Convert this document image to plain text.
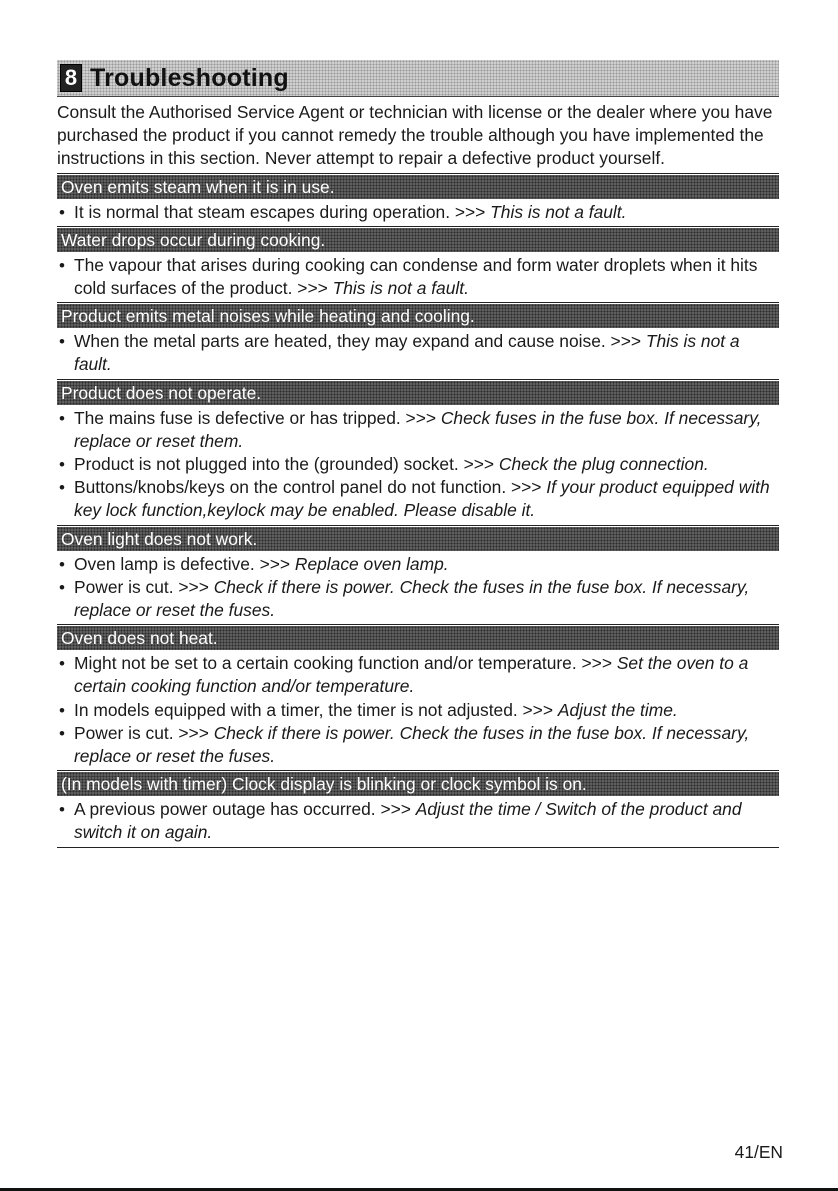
8 Troubleshooting

Consult the Authorised Service Agent or technician with license or the dealer where you have purchased the product if you cannot remedy the trouble although you have implemented the instructions in this section. Never attempt to repair a defective product yourself.

Oven emits steam when it is in use.
• It is normal that steam escapes during operation. >>> This is not a fault.
Water drops occur during cooking.
• The vapour that arises during cooking can condense and form water droplets when it hits cold surfaces of the product. >>> This is not a fault.
Product emits metal noises while heating and cooling.
• When the metal parts are heated, they may expand and cause noise. >>> This is not a fault.
Product does not operate.
• The mains fuse is defective or has tripped. >>> Check fuses in the fuse box. If necessary, replace or reset them.
• Product is not plugged into the (grounded) socket. >>> Check the plug connection.
• Buttons/knobs/keys on the control panel do not function. >>> If your product equipped with key lock function,keylock may be enabled. Please disable it.
Oven light does not work.
• Oven lamp is defective. >>> Replace oven lamp.
• Power is cut. >>> Check if there is power. Check the fuses in the fuse box. If necessary, replace or reset the fuses.
Oven does not heat.
• Might not be set to a certain cooking function and/or temperature. >>> Set the oven to a certain cooking function and/or temperature.
• In models equipped with a timer, the timer is not adjusted. >>> Adjust the time.
• Power is cut. >>> Check if there is power. Check the fuses in the fuse box. If necessary, replace or reset the fuses.
(In models with timer) Clock display is blinking or clock symbol is on.
• A previous power outage has occurred. >>> Adjust the time / Switch of the product and switch it on again.
41/EN
